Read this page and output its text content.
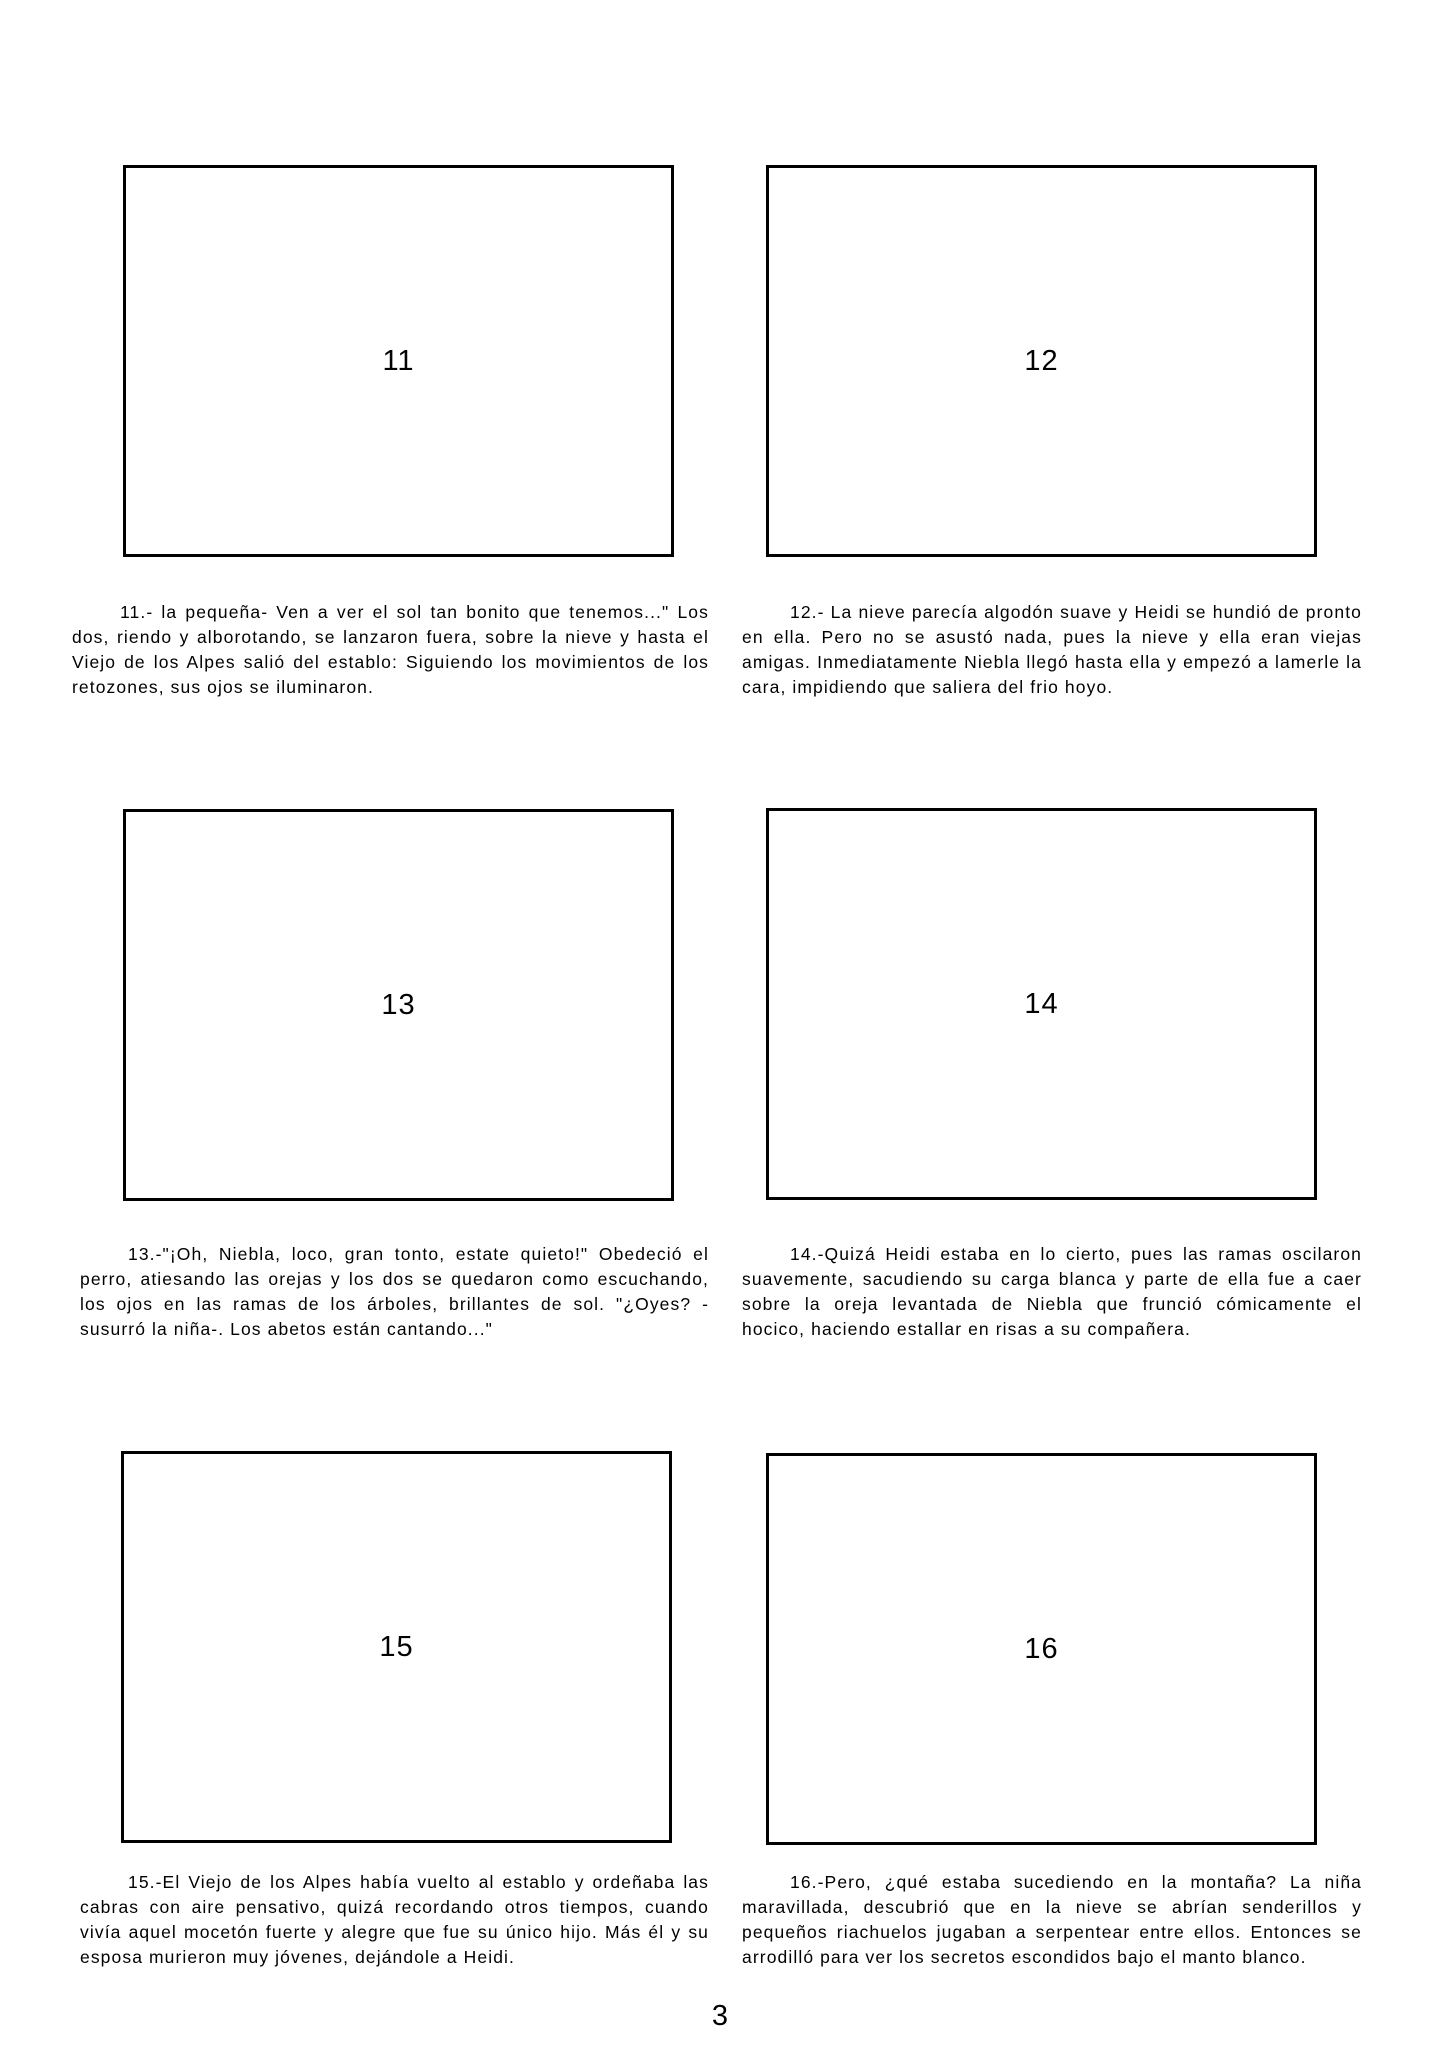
11	12

11.- la pequeña- Ven a ver el sol tan bonito que tenemos..." Los dos, riendo y alborotando, se lanzaron fuera, sobre la nieve y hasta el Viejo de los Alpes salió del establo: Siguiendo los movimientos de los retozones, sus ojos se iluminaron.

12.- La nieve parecía algodón suave y Heidi se hundió de pronto en ella. Pero no se asustó nada, pues la nieve y ella eran viejas amigas. Inmediatamente Niebla llegó hasta ella y empezó a lamerle la cara, impidiendo que saliera del frio hoyo.

13	14

13.-"¡Oh, Niebla, loco, gran tonto, estate quieto!" Obedeció el perro, atiesando las orejas y los dos se quedaron como escuchando, los ojos en las ramas de los árboles, brillantes de sol. "¿Oyes? -susurró la niña-. Los abetos están cantando..."

14.-Quizá Heidi estaba en lo cierto, pues las ramas oscilaron suavemente, sacudiendo su carga blanca y parte de ella fue a caer sobre la oreja levantada de Niebla que frunció cómicamente el hocico, haciendo estallar en risas a su compañera.

15	16

15.-El Viejo de los Alpes había vuelto al establo y ordeñaba las cabras con aire pensativo, quizá recordando otros tiempos, cuando vivía aquel mocetón fuerte y alegre que fue su único hijo. Más él y su esposa murieron muy jóvenes, dejándole a Heidi.

16.-Pero, ¿qué estaba sucediendo en la montaña? La niña maravillada, descubrió que en la nieve se abrían senderillos y pequeños riachuelos jugaban a serpentear entre ellos. Entonces se arrodilló para ver los secretos escondidos bajo el manto blanco.

3
